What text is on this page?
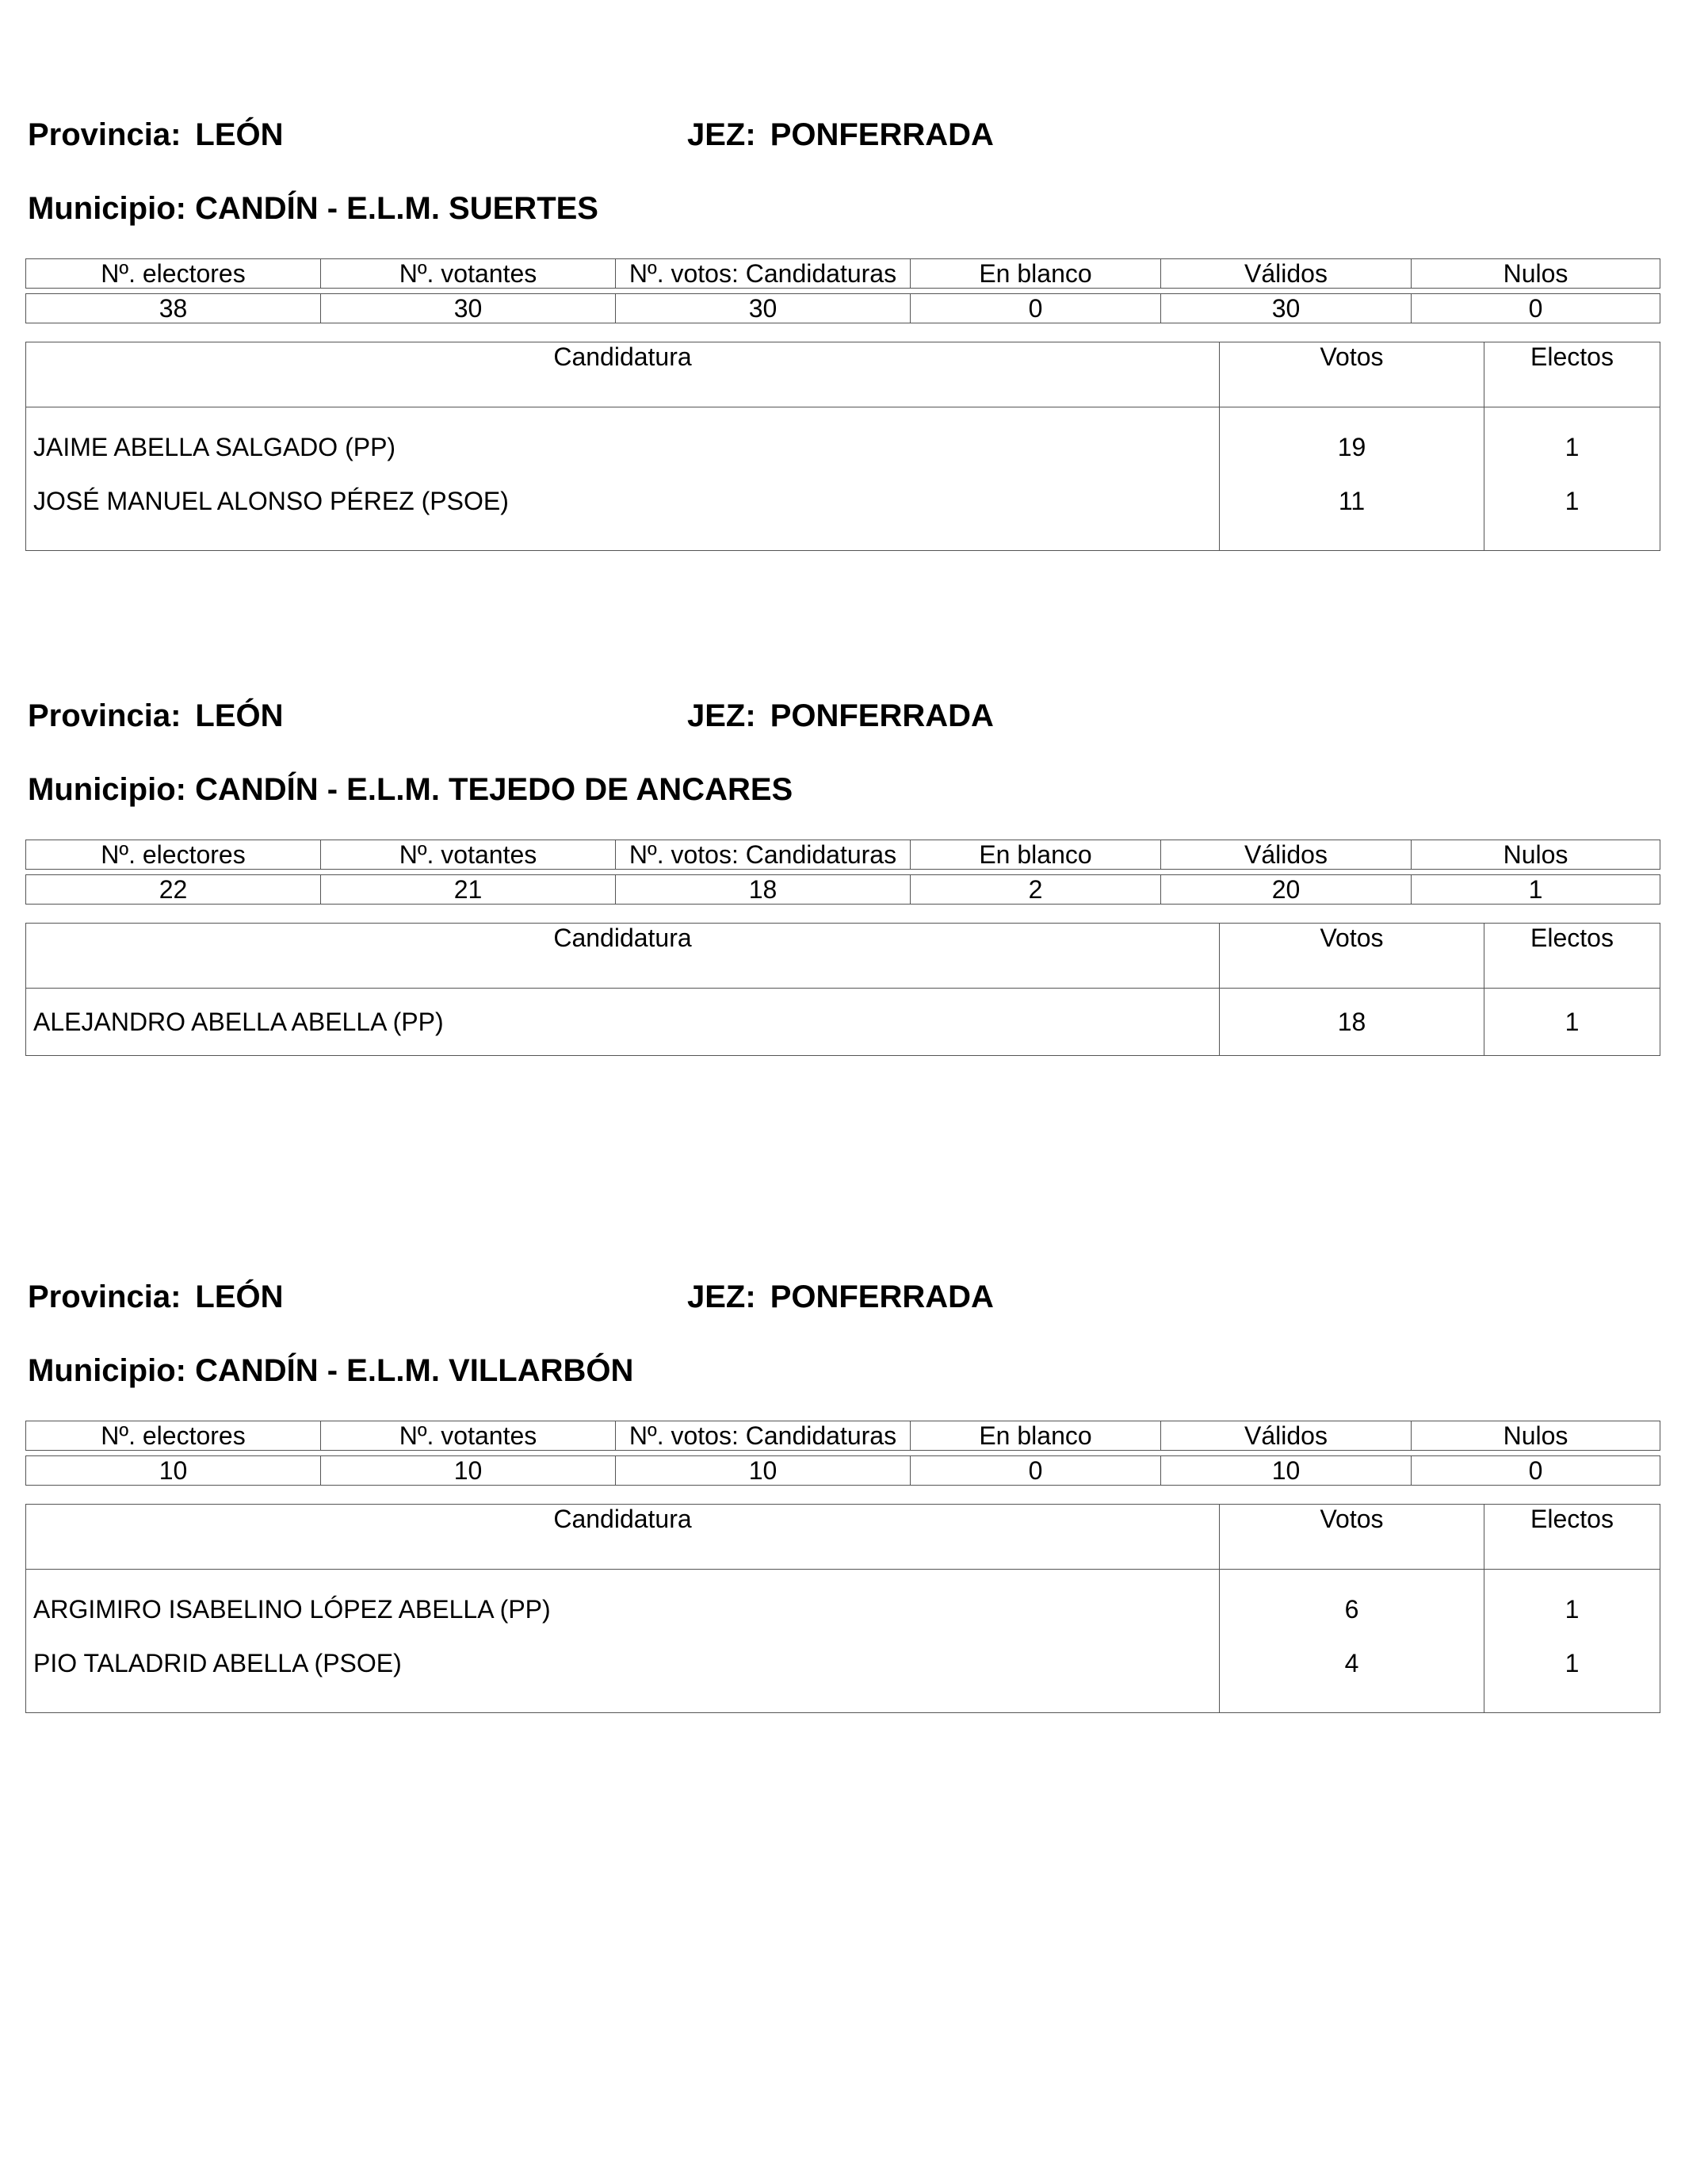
Provincia: LEÓN	JEZ: PONFERRADA
Municipio: CANDÍN - E.L.M. SUERTES
Nº. electores	Nº. votantes	Nº. votos: Candidaturas	En blanco	Válidos	Nulos

38	30	30	0	30	0
Candidatura	Votos	Electos
JAIME ABELLA SALGADO (PP)	19	1
JOSÉ MANUEL ALONSO PÉREZ (PSOE)	11	1
Provincia: LEÓN	JEZ: PONFERRADA
Municipio: CANDÍN - E.L.M. TEJEDO DE ANCARES
Nº. electores	Nº. votantes	Nº. votos: Candidaturas	En blanco	Válidos	Nulos

22	21	18	2	20	1
Candidatura	Votos	Electos
ALEJANDRO ABELLA ABELLA (PP)	18	1
Provincia: LEÓN	JEZ: PONFERRADA
Municipio: CANDÍN - E.L.M. VILLARBÓN
Nº. electores	Nº. votantes	Nº. votos: Candidaturas	En blanco	Válidos	Nulos

10	10	10	0	10	0
Candidatura	Votos	Electos
ARGIMIRO ISABELINO LÓPEZ ABELLA (PP)	6	1
PIO TALADRID ABELLA (PSOE)	4	1
